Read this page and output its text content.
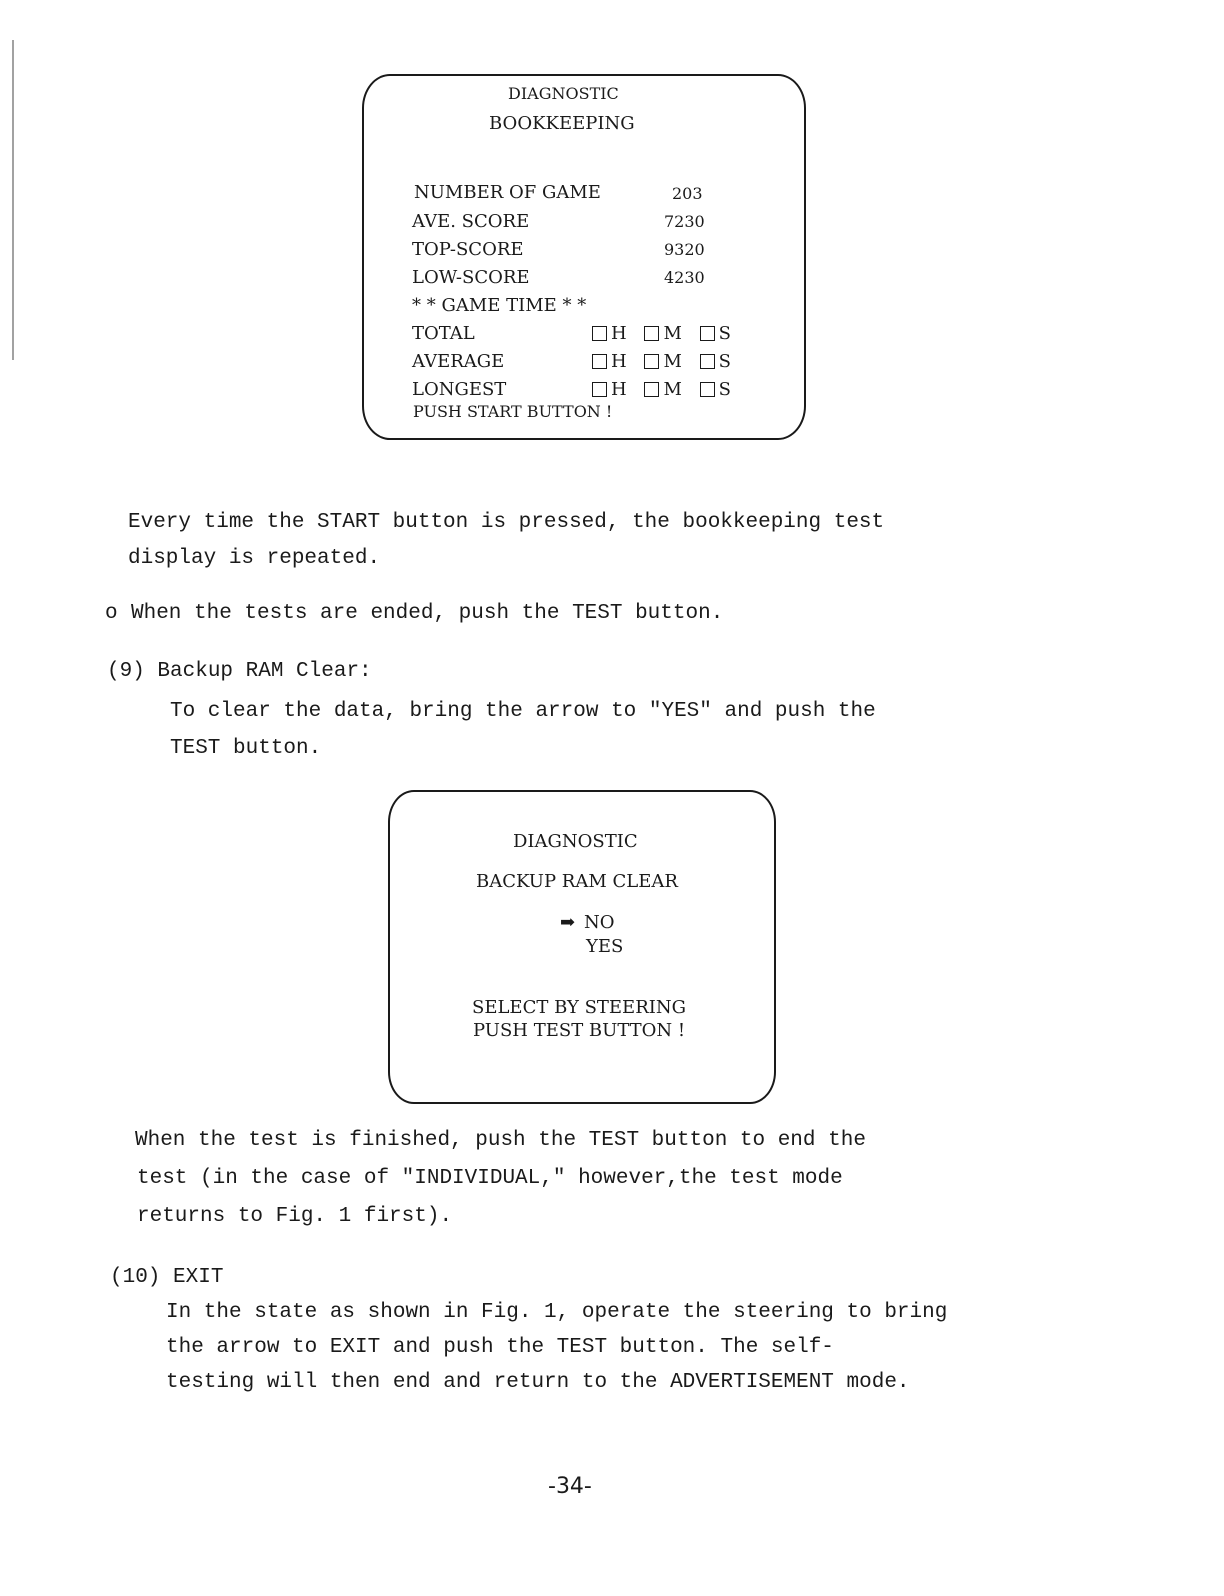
DIAGNOSTIC
BOOKKEEPING
NUMBER OF GAME	203
AVE. SCORE	7230
TOP-SCORE	9320
LOW-SCORE	4230
* * GAME TIME * *
TOTAL	H M S
AVERAGE	H M S
LONGEST	H M S
PUSH START BUTTON !
Every time the START button is pressed, the bookkeeping test
display is repeated.
o When the tests are ended, push the TEST button.
(9) Backup RAM Clear:
To clear the data, bring the arrow to "YES" and push the
TEST button.
DIAGNOSTIC
BACKUP RAM CLEAR
➡ NO
YES
SELECT BY STEERING
PUSH TEST BUTTON !
When the test is finished, push the TEST button to end the
test (in the case of "INDIVIDUAL," however,the test mode
returns to Fig. 1 first).
(10) EXIT
In the state as shown in Fig. 1, operate the steering to bring
the arrow to EXIT and push the TEST button. The self-
testing will then end and return to the ADVERTISEMENT mode.
-34-
